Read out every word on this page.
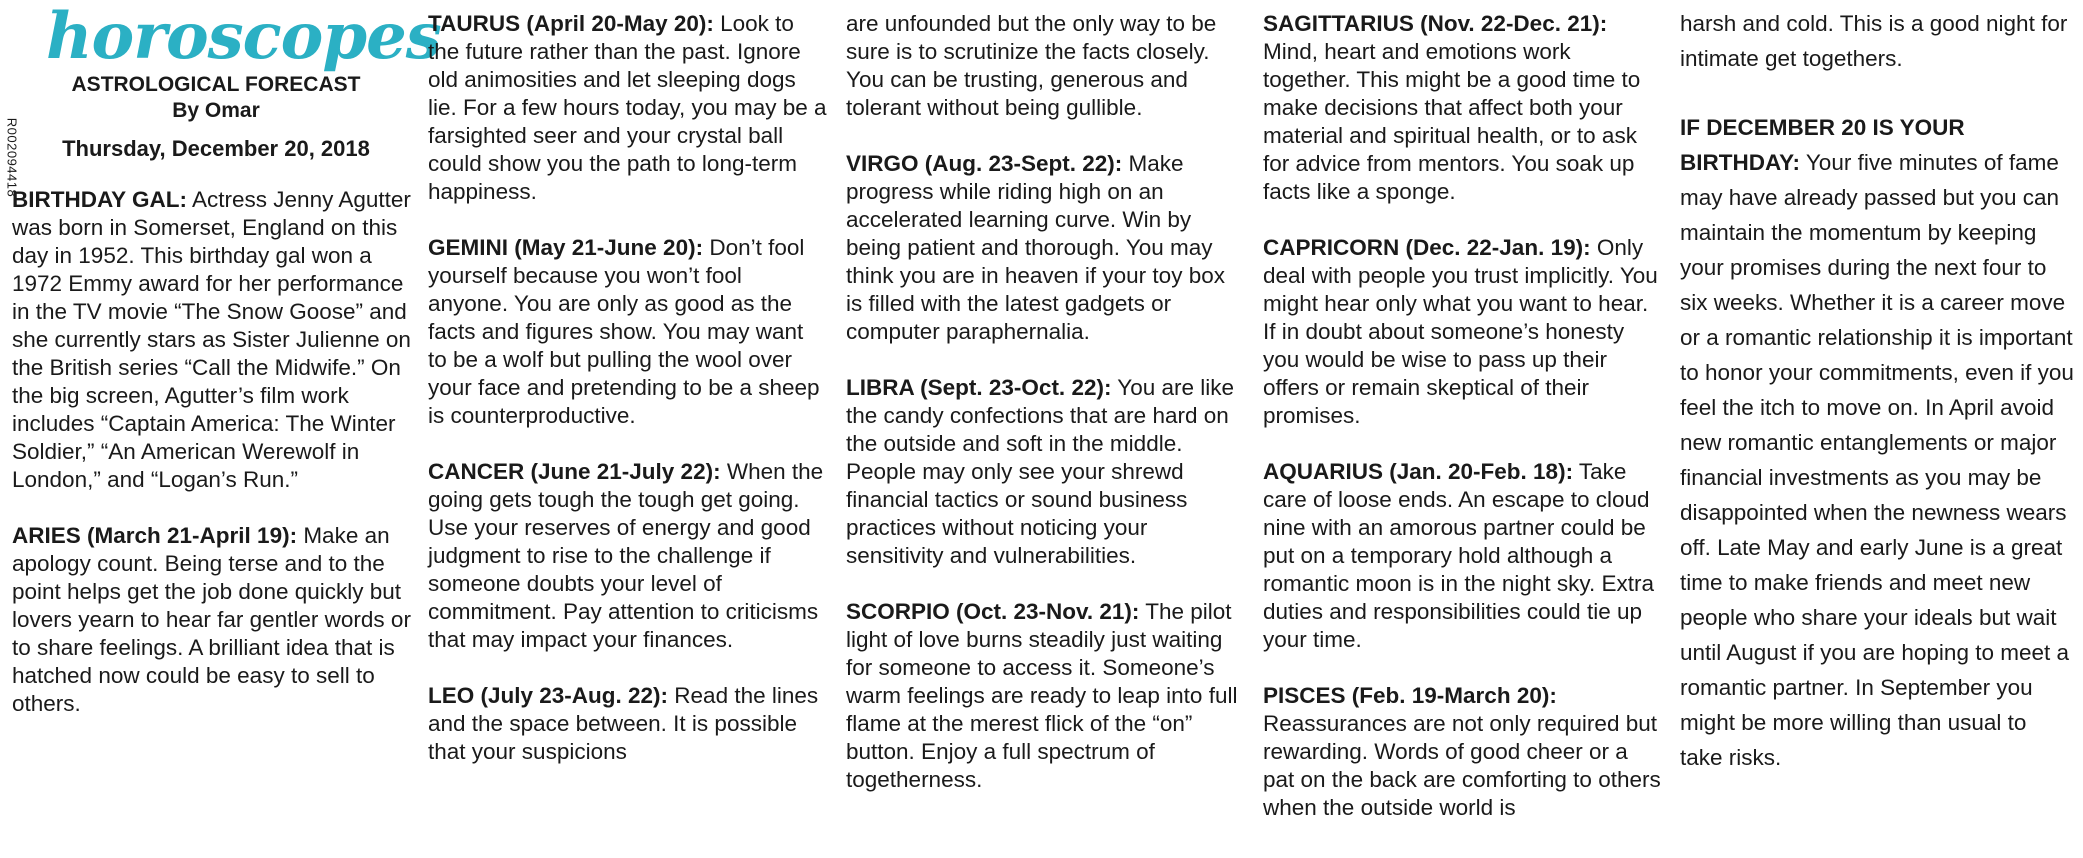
R002094418
horoscopes
ASTROLOGICAL FORECAST
By Omar
Thursday, December 20, 2018

BIRTHDAY GAL: Actress Jenny Agutter was born in Somerset, England on this day in 1952. This birthday gal won a 1972 Emmy award for her performance in the TV movie “The Snow Goose” and she currently stars as Sister Julienne on the British series “Call the Midwife.” On the big screen, Agutter’s film work includes “Captain America: The Winter Soldier,” “An American Werewolf in London,” and “Logan’s Run.”

ARIES (March 21-April 19): Make an apology count. Being terse and to the point helps get the job done quickly but lovers yearn to hear far gentler words or to share feelings. A brilliant idea that is hatched now could be easy to sell to others.

TAURUS (April 20-May 20): Look to the future rather than the past. Ignore old animosities and let sleeping dogs lie. For a few hours today, you may be a farsighted seer and your crystal ball could show you the path to long-term happiness.

GEMINI (May 21-June 20): Don’t fool yourself because you won’t fool anyone. You are only as good as the facts and figures show. You may want to be a wolf but pulling the wool over your face and pretending to be a sheep is counterproductive.

CANCER (June 21-July 22): When the going gets tough the tough get going. Use your reserves of energy and good judgment to rise to the challenge if someone doubts your level of commitment. Pay attention to criticisms that may impact your finances.

LEO (July 23-Aug. 22): Read the lines and the space between. It is possible that your suspicions

are unfounded but the only way to be sure is to scrutinize the facts closely. You can be trusting, generous and tolerant without being gullible.

VIRGO (Aug. 23-Sept. 22): Make progress while riding high on an accelerated learning curve. Win by being patient and thorough. You may think you are in heaven if your toy box is filled with the latest gadgets or computer paraphernalia.

LIBRA (Sept. 23-Oct. 22): You are like the candy confections that are hard on the outside and soft in the middle. People may only see your shrewd financial tactics or sound business practices without noticing your sensitivity and vulnerabilities.

SCORPIO (Oct. 23-Nov. 21): The pilot light of love burns steadily just waiting for someone to access it. Someone’s warm feelings are ready to leap into full flame at the merest flick of the “on” button. Enjoy a full spectrum of togetherness.

SAGITTARIUS (Nov. 22-Dec. 21): Mind, heart and emotions work together. This might be a good time to make decisions that affect both your material and spiritual health, or to ask for advice from mentors. You soak up facts like a sponge.

CAPRICORN (Dec. 22-Jan. 19): Only deal with people you trust implicitly. You might hear only what you want to hear. If in doubt about someone’s honesty you would be wise to pass up their offers or remain skeptical of their promises.

AQUARIUS (Jan. 20-Feb. 18): Take care of loose ends. An escape to cloud nine with an amorous partner could be put on a temporary hold although a romantic moon is in the night sky. Extra duties and responsibilities could tie up your time.

PISCES (Feb. 19-March 20): Reassurances are not only required but rewarding. Words of good cheer or a pat on the back are comforting to others when the outside world is

harsh and cold. This is a good night for intimate get togethers.

IF DECEMBER 20 IS YOUR BIRTHDAY: Your five minutes of fame may have already passed but you can maintain the momentum by keeping your promises during the next four to six weeks. Whether it is a career move or a romantic relationship it is important to honor your commitments, even if you feel the itch to move on. In April avoid new romantic entanglements or major financial investments as you may be disappointed when the newness wears off. Late May and early June is a great time to make friends and meet new people who share your ideals but wait until August if you are hoping to meet a romantic partner. In September you might be more willing than usual to take risks.
